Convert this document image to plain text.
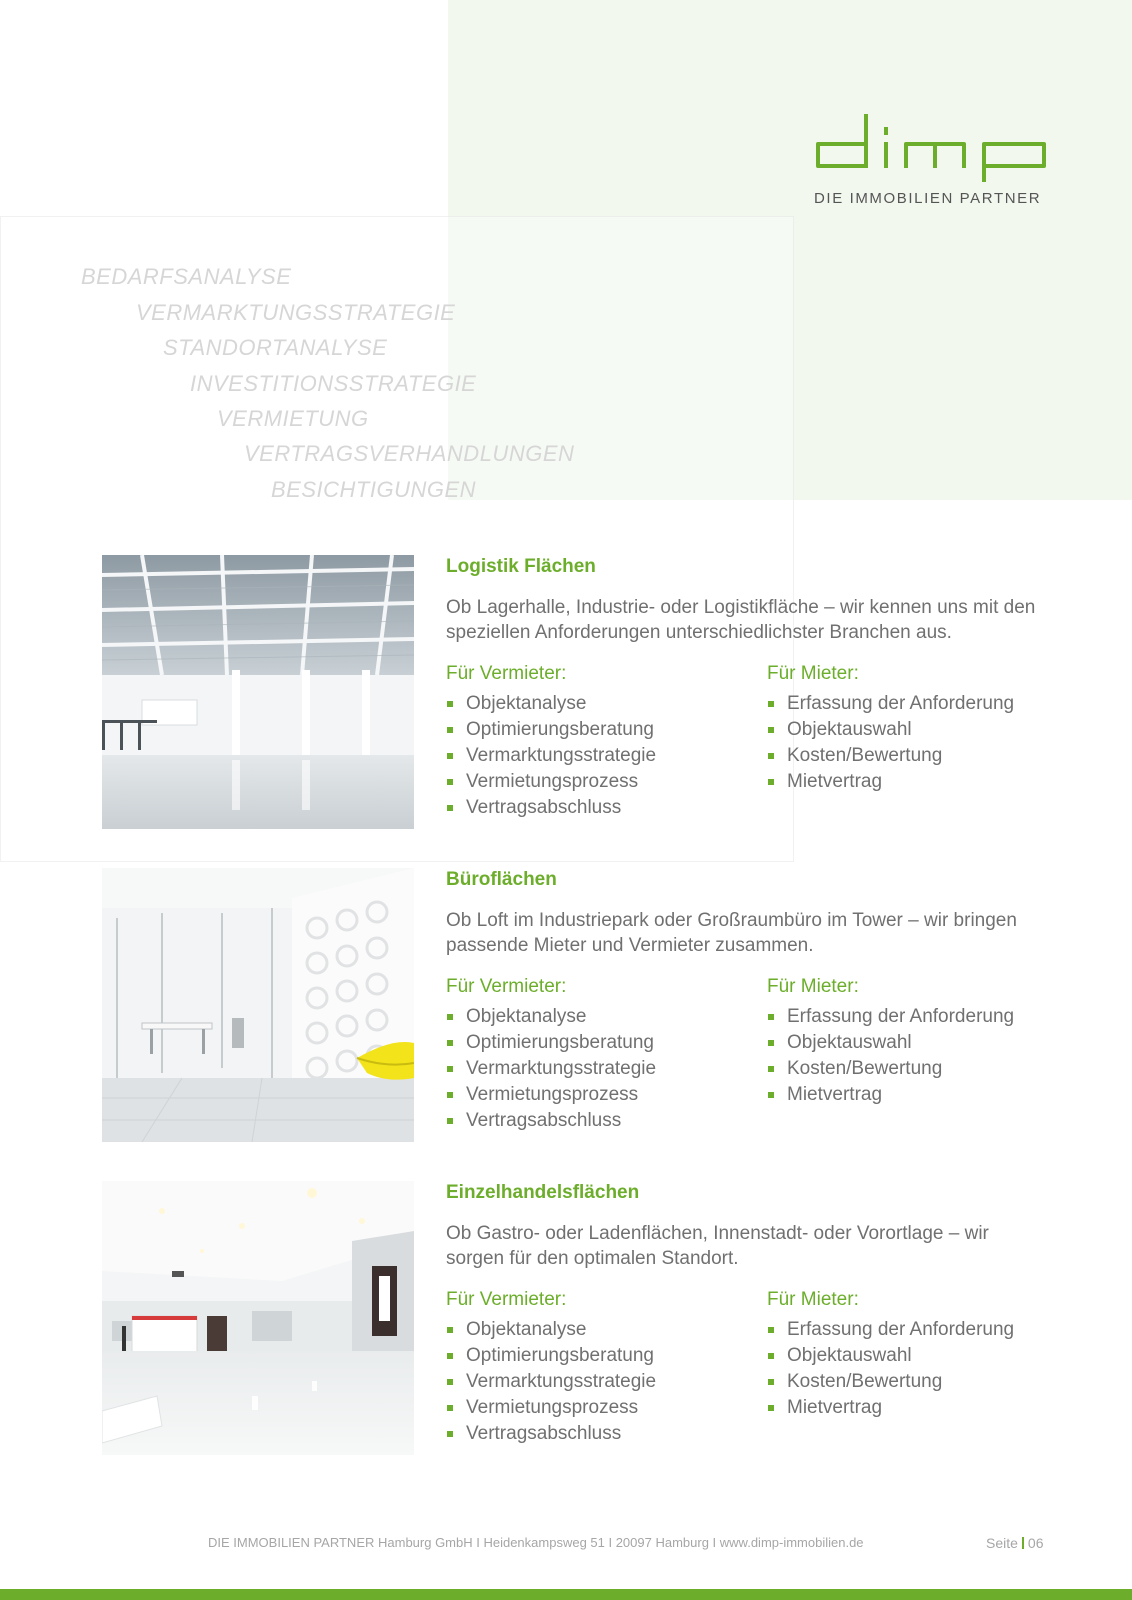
DIE IMMOBILIEN PARTNER
BEDARFSANALYSE
VERMARKTUNGSSTRATEGIE
STANDORTANALYSE
INVESTITIONSSTRATEGIE
VERMIETUNG
VERTRAGSVERHANDLUNGEN
BESICHTIGUNGEN
Logistik Flächen
Ob Lagerhalle, Industrie- oder Logistikfläche – wir kennen uns mit den speziellen Anforderungen unterschiedlichster Branchen aus.
Für Vermieter:
Objektanalyse
Optimierungsberatung
Vermarktungsstrategie
Vermietungsprozess
Vertragsabschluss
Für Mieter:
Erfassung der Anforderung
Objektauswahl
Kosten/Bewertung
Mietvertrag
Büroflächen
Ob Loft im Industriepark oder Großraumbüro im Tower – wir bringen passende Mieter und Vermieter zusammen.
Für Vermieter:
Objektanalyse
Optimierungsberatung
Vermarktungsstrategie
Vermietungsprozess
Vertragsabschluss
Für Mieter:
Erfassung der Anforderung
Objektauswahl
Kosten/Bewertung
Mietvertrag
Einzelhandelsflächen
Ob Gastro- oder Ladenflächen, Innenstadt- oder Vorortlage – wir sorgen für den optimalen Standort.
Für Vermieter:
Objektanalyse
Optimierungsberatung
Vermarktungsstrategie
Vermietungsprozess
Vertragsabschluss
Für Mieter:
Erfassung der Anforderung
Objektauswahl
Kosten/Bewertung
Mietvertrag
DIE IMMOBILIEN PARTNER Hamburg GmbH I Heidenkampsweg 51 I 20097 Hamburg I www.dimp-immobilien.de	Seite 06
